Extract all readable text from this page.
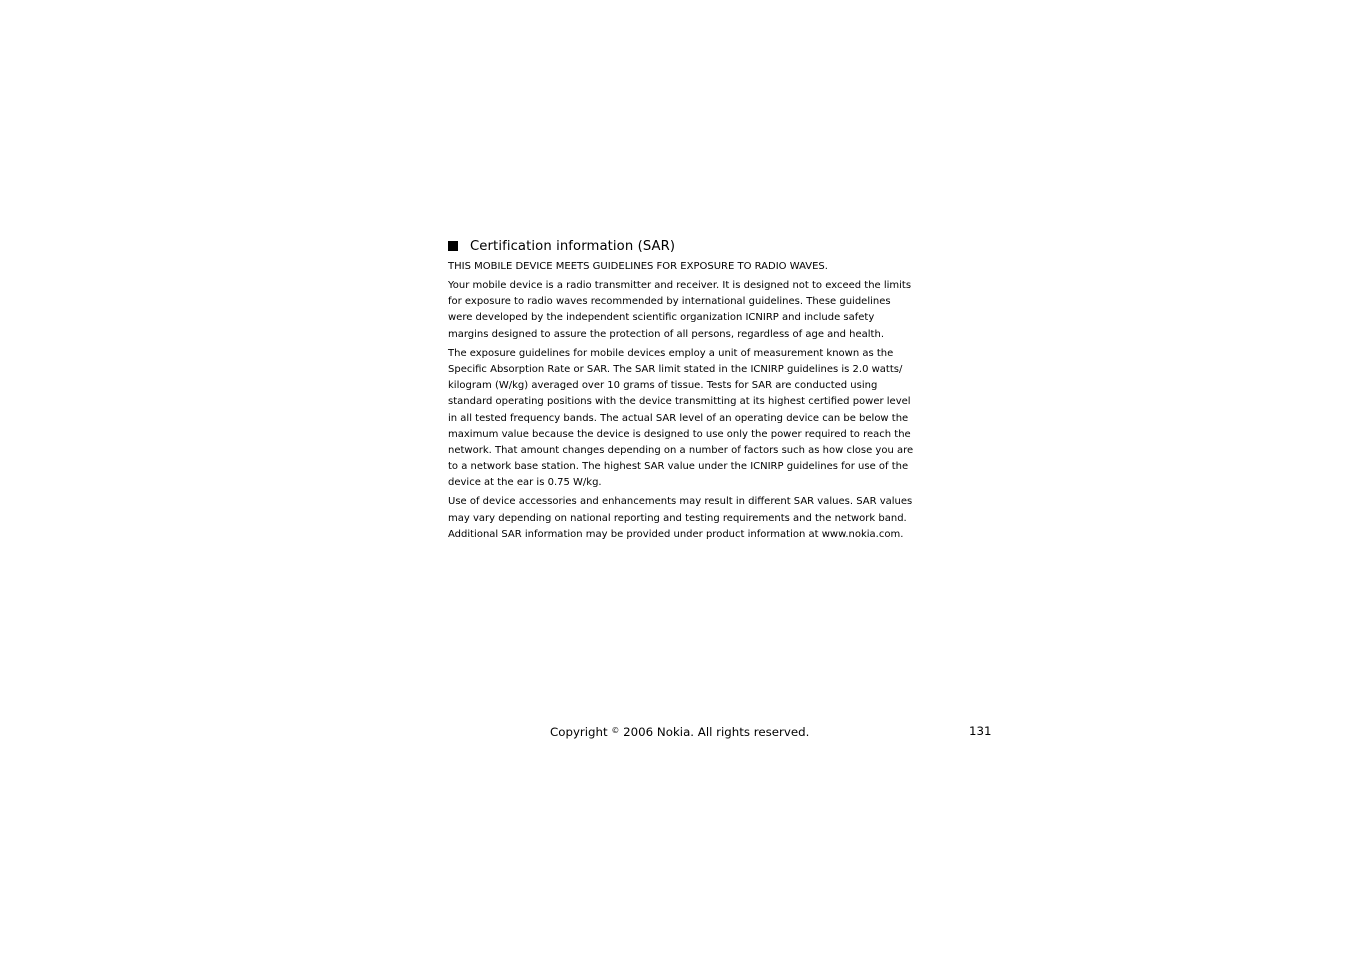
Certification information (SAR)
THIS MOBILE DEVICE MEETS GUIDELINES FOR EXPOSURE TO RADIO WAVES.
Your mobile device is a radio transmitter and receiver. It is designed not to exceed the limits
for exposure to radio waves recommended by international guidelines. These guidelines
were developed by the independent scientific organization ICNIRP and include safety
margins designed to assure the protection of all persons, regardless of age and health.
The exposure guidelines for mobile devices employ a unit of measurement known as the
Specific Absorption Rate or SAR. The SAR limit stated in the ICNIRP guidelines is 2.0 watts/
kilogram (W/kg) averaged over 10 grams of tissue. Tests for SAR are conducted using
standard operating positions with the device transmitting at its highest certified power level
in all tested frequency bands. The actual SAR level of an operating device can be below the
maximum value because the device is designed to use only the power required to reach the
network. That amount changes depending on a number of factors such as how close you are
to a network base station. The highest SAR value under the ICNIRP guidelines for use of the
device at the ear is 0.75 W/kg.
Use of device accessories and enhancements may result in different SAR values. SAR values
may vary depending on national reporting and testing requirements and the network band.
Additional SAR information may be provided under product information at www.nokia.com.
Copyright © 2006 Nokia. All rights reserved.	131
